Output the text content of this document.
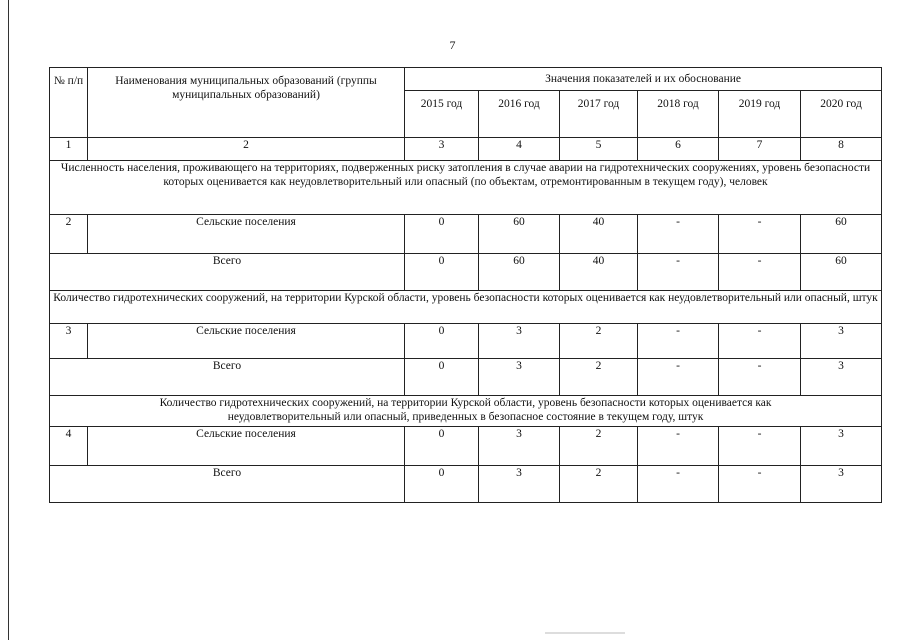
7
№ п/п	Наименования муниципальных образований (группы муниципальных образований)	Значения показателей и их обоснование					
		2015 год	2016 год	2017 год	2018 год	2019 год	2020 год
1	2	3	4	5	6	7	8
Численность населения, проживающего на территориях, подверженных риску затопления в случае аварии на гидротехнических сооружениях, уровень безопасности которых оценивается как неудовлетворительный или опасный (по объектам, отремонтированным в текущем году), человек							
2	Сельские поселения	0	60	40	-	-	60
Всего		0	60	40	-	-	60
Количество гидротехнических сооружений, на территории Курской области, уровень безопасности которых оценивается как неудовлетворительный или опасный, штук							
3	Сельские поселения	0	3	2	-	-	3
Всего		0	3	2	-	-	3
Количество гидротехнических сооружений, на территории Курской области, уровень безопасности которых оценивается как неудовлетворительный или опасный, приведенных в безопасное состояние в текущем году, штук							
4	Сельские поселения	0	3	2	-	-	3
Всего		0	3	2	-	-	3
